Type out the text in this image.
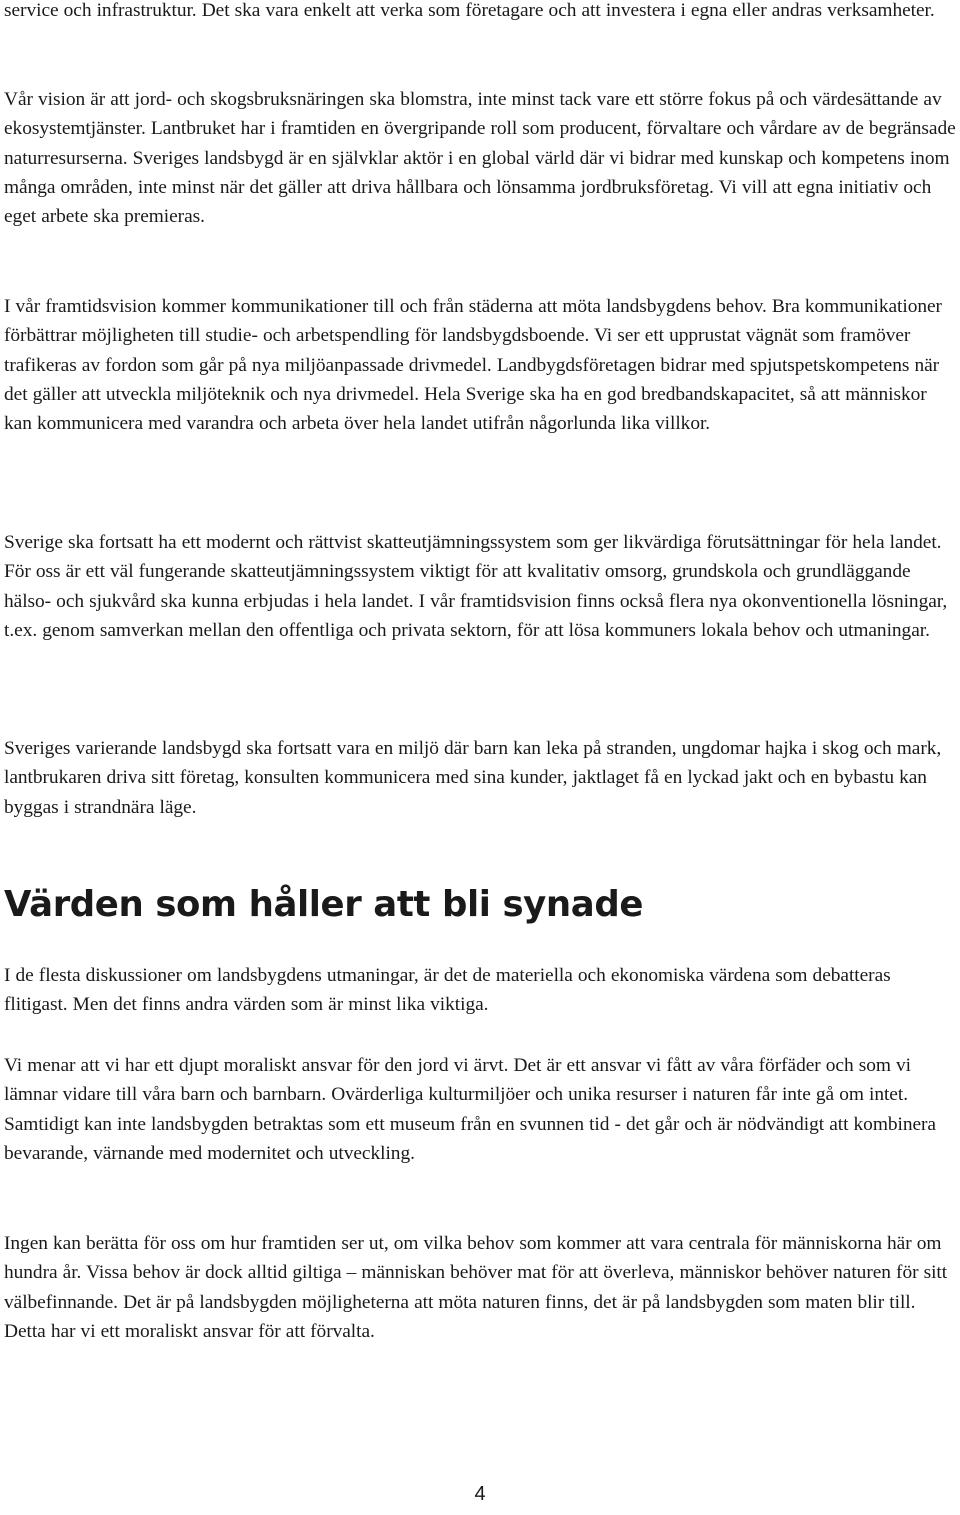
service och infrastruktur. Det ska vara enkelt att verka som företagare och att investera i egna eller andras verksamheter.

Vår vision är att jord- och skogsbruksnäringen ska blomstra, inte minst tack vare ett större fokus på och värdesättande av ekosystemtjänster. Lantbruket har i framtiden en övergripande roll som producent, förvaltare och vårdare av de begränsade naturresurserna. Sveriges landsbygd är en självklar aktör i en global värld där vi bidrar med kunskap och kompetens inom många områden, inte minst när det gäller att driva hållbara och lönsamma jordbruksföretag. Vi vill att egna initiativ och eget arbete ska premieras.

I vår framtidsvision kommer kommunikationer till och från städerna att möta landsbygdens behov. Bra kommunikationer förbättrar möjligheten till studie- och arbetspendling för landsbygdsboende. Vi ser ett upprustat vägnät som framöver trafikeras av fordon som går på nya miljöanpassade drivmedel. Landbygdsföretagen bidrar med spjutspetskompetens när det gäller att utveckla miljöteknik och nya drivmedel. Hela Sverige ska ha en god bredbandskapacitet, så att människor kan kommunicera med varandra och arbeta över hela landet utifrån någorlunda lika villkor.

Sverige ska fortsatt ha ett modernt och rättvist skatteutjämningssystem som ger likvärdiga förutsättningar för hela landet. För oss är ett väl fungerande skatteutjämningssystem viktigt för att kvalitativ omsorg, grundskola och grundläggande hälso- och sjukvård ska kunna erbjudas i hela landet. I vår framtidsvision finns också flera nya okonventionella lösningar, t.ex. genom samverkan mellan den offentliga och privata sektorn, för att lösa kommuners lokala behov och utmaningar.

Sveriges varierande landsbygd ska fortsatt vara en miljö där barn kan leka på stranden, ungdomar hajka i skog och mark, lantbrukaren driva sitt företag, konsulten kommunicera med sina kunder, jaktlaget få en lyckad jakt och en bybastu kan byggas i strandnära läge.

Värden som håller att bli synade

I de flesta diskussioner om landsbygdens utmaningar, är det de materiella och ekonomiska värdena som debatteras flitigast. Men det finns andra värden som är minst lika viktiga.

Vi menar att vi har ett djupt moraliskt ansvar för den jord vi ärvt. Det är ett ansvar vi fått av våra förfäder och som vi lämnar vidare till våra barn och barnbarn. Ovärderliga kulturmiljöer och unika resurser i naturen får inte gå om intet. Samtidigt kan inte landsbygden betraktas som ett museum från en svunnen tid - det går och är nödvändigt att kombinera bevarande, värnande med modernitet och utveckling.

Ingen kan berätta för oss om hur framtiden ser ut, om vilka behov som kommer att vara centrala för människorna här om hundra år. Vissa behov är dock alltid giltiga – människan behöver mat för att överleva, människor behöver naturen för sitt välbefinnande. Det är på landsbygden möjligheterna att möta naturen finns, det är på landsbygden som maten blir till. Detta har vi ett moraliskt ansvar för att förvalta.

4
